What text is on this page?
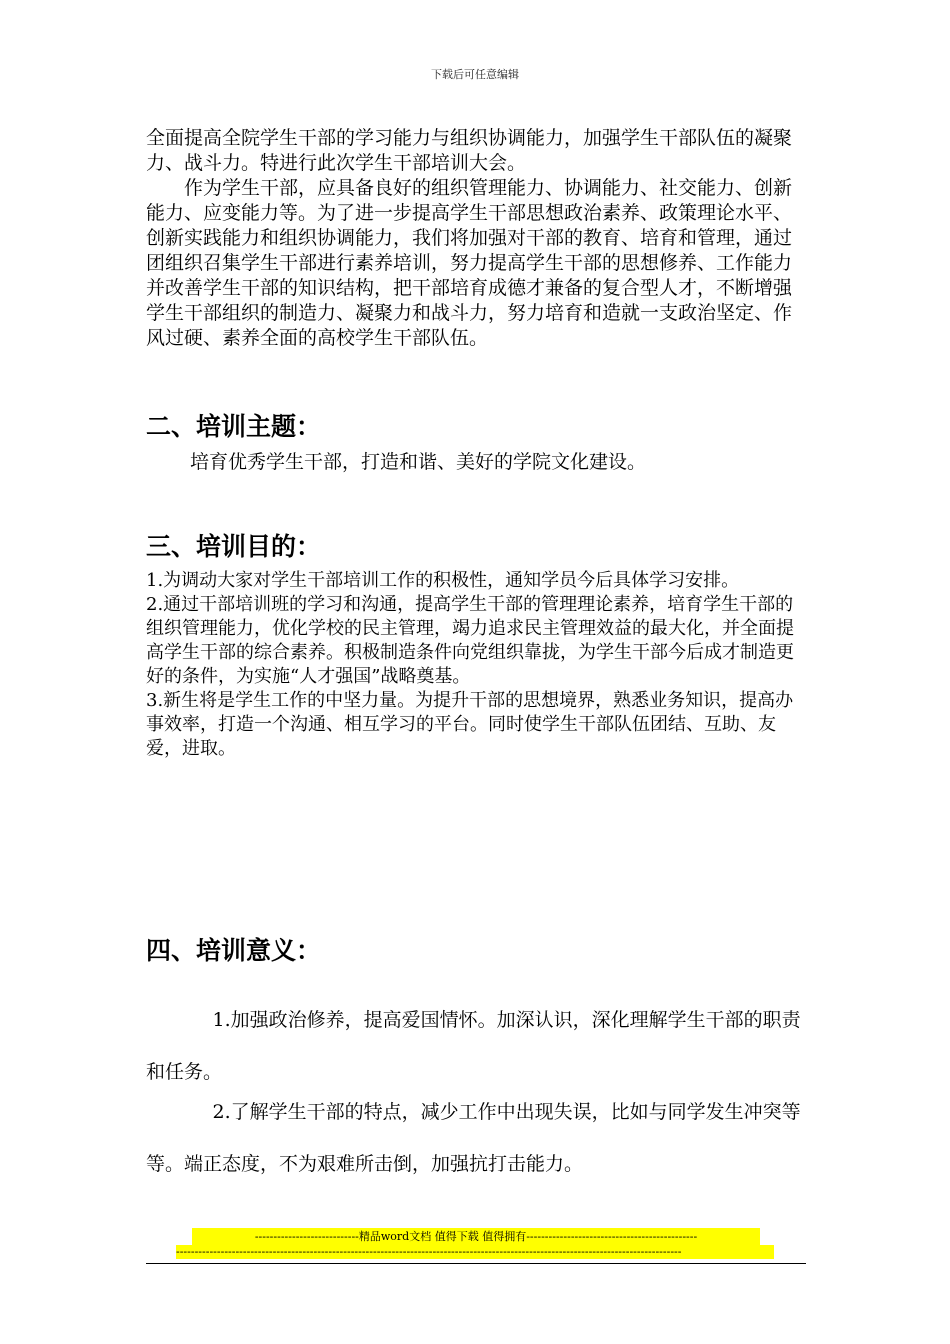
下载后可任意编辑

全面提高全院学生干部的学习能力与组织协调能力，加强学生干部队伍的凝聚力、战斗力。特进行此次学生干部培训大会。

作为学生干部，应具备良好的组织管理能力、协调能力、社交能力、创新能力、应变能力等。为了进一步提高学生干部思想政治素养、政策理论水平、创新实践能力和组织协调能力，我们将加强对干部的教育、培育和管理，通过团组织召集学生干部进行素养培训，努力提高学生干部的思想修养、工作能力并改善学生干部的知识结构，把干部培育成德才兼备的复合型人才，不断增强学生干部组织的制造力、凝聚力和战斗力，努力培育和造就一支政治坚定、作风过硬、素养全面的高校学生干部队伍。

二、培训主题：
培育优秀学生干部，打造和谐、美好的学院文化建设。
三、培训目的：

1.为调动大家对学生干部培训工作的积极性，通知学员今后具体学习安排。

2.通过干部培训班的学习和沟通，提高学生干部的管理理论素养，培育学生干部的组织管理能力，优化学校的民主管理，竭力追求民主管理效益的最大化，并全面提高学生干部的综合素养。积极制造条件向党组织靠拢，为学生干部今后成才制造更好的条件，为实施“人才强国”战略奠基。

3.新生将是学生工作的中坚力量。为提升干部的思想境界，熟悉业务知识，提高办事效率，打造一个沟通、相互学习的平台。同时使学生干部队伍团结、互助、友爱，进取。

四、培训意义：

1.加强政治修养，提高爱国情怀。加深认识，深化理解学生干部的职责和任务。

2.了解学生干部的特点，减少工作中出现失误，比如与同学发生冲突等等。端正态度，不为艰难所击倒，加强抗打击能力。

----------------------------精品word文档 值得下载 值得拥有----------------------------------------------
----------------------------------------------------------------------------------------------------------------------------------------
